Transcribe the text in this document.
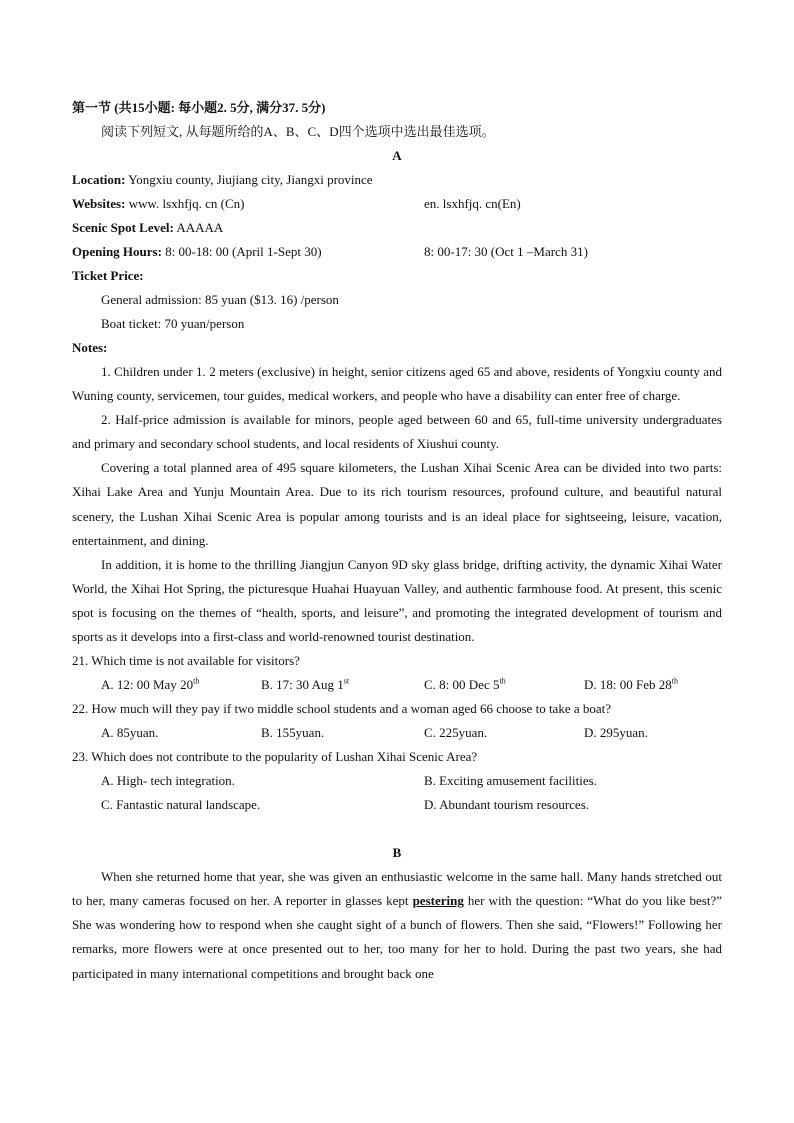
第一节 (共15小题: 每小题2. 5分, 满分37. 5分)
阅读下列短文, 从每题所给的A、B、C、D四个选项中选出最佳选项。
A
Location: Yongxiu county, Jiujiang city, Jiangxi province
Websites: www. lsxhfjq. cn (Cn)	en. lsxhfjq. cn(En)
Scenic Spot Level: AAAAA
Opening Hours: 8: 00-18: 00 (April 1-Sept 30)	8: 00-17: 30 (Oct 1 –March 31)
Ticket Price:
General admission: 85 yuan ($13. 16) /person
Boat ticket: 70 yuan/person
Notes:
1. Children under 1. 2 meters (exclusive) in height, senior citizens aged 65 and above, residents of Yongxiu county and Wuning county, servicemen, tour guides, medical workers, and people who have a disability can enter free of charge.
2. Half-price admission is available for minors, people aged between 60 and 65, full-time university undergraduates and primary and secondary school students, and local residents of Xiushui county.
Covering a total planned area of 495 square kilometers, the Lushan Xihai Scenic Area can be divided into two parts: Xihai Lake Area and Yunju Mountain Area. Due to its rich tourism resources, profound culture, and beautiful natural scenery, the Lushan Xihai Scenic Area is popular among tourists and is an ideal place for sightseeing, leisure, vacation, entertainment, and dining.
In addition, it is home to the thrilling Jiangjun Canyon 9D sky glass bridge, drifting activity, the dynamic Xihai Water World, the Xihai Hot Spring, the picturesque Huahai Huayuan Valley, and authentic farmhouse food. At present, this scenic spot is focusing on the themes of “health, sports, and leisure”, and promoting the integrated development of tourism and sports as it develops into a first-class and world-renowned tourist destination.
21. Which time is not available for visitors?
A. 12: 00 May 20th	B. 17: 30 Aug 1st	C. 8: 00 Dec 5th	D. 18: 00 Feb 28th
22. How much will they pay if two middle school students and a woman aged 66 choose to take a boat?
A. 85yuan.	B. 155yuan.	C. 225yuan.	D. 295yuan.
23. Which does not contribute to the popularity of Lushan Xihai Scenic Area?
A. High- tech integration.	B. Exciting amusement facilities.
C. Fantastic natural landscape.	D. Abundant tourism resources.
B
When she returned home that year, she was given an enthusiastic welcome in the same hall. Many hands stretched out to her, many cameras focused on her. A reporter in glasses kept pestering her with the question: “What do you like best?” She was wondering how to respond when she caught sight of a bunch of flowers. Then she said, “Flowers!” Following her remarks, more flowers were at once presented out to her, too many for her to hold. During the past two years, she had participated in many international competitions and brought back one
